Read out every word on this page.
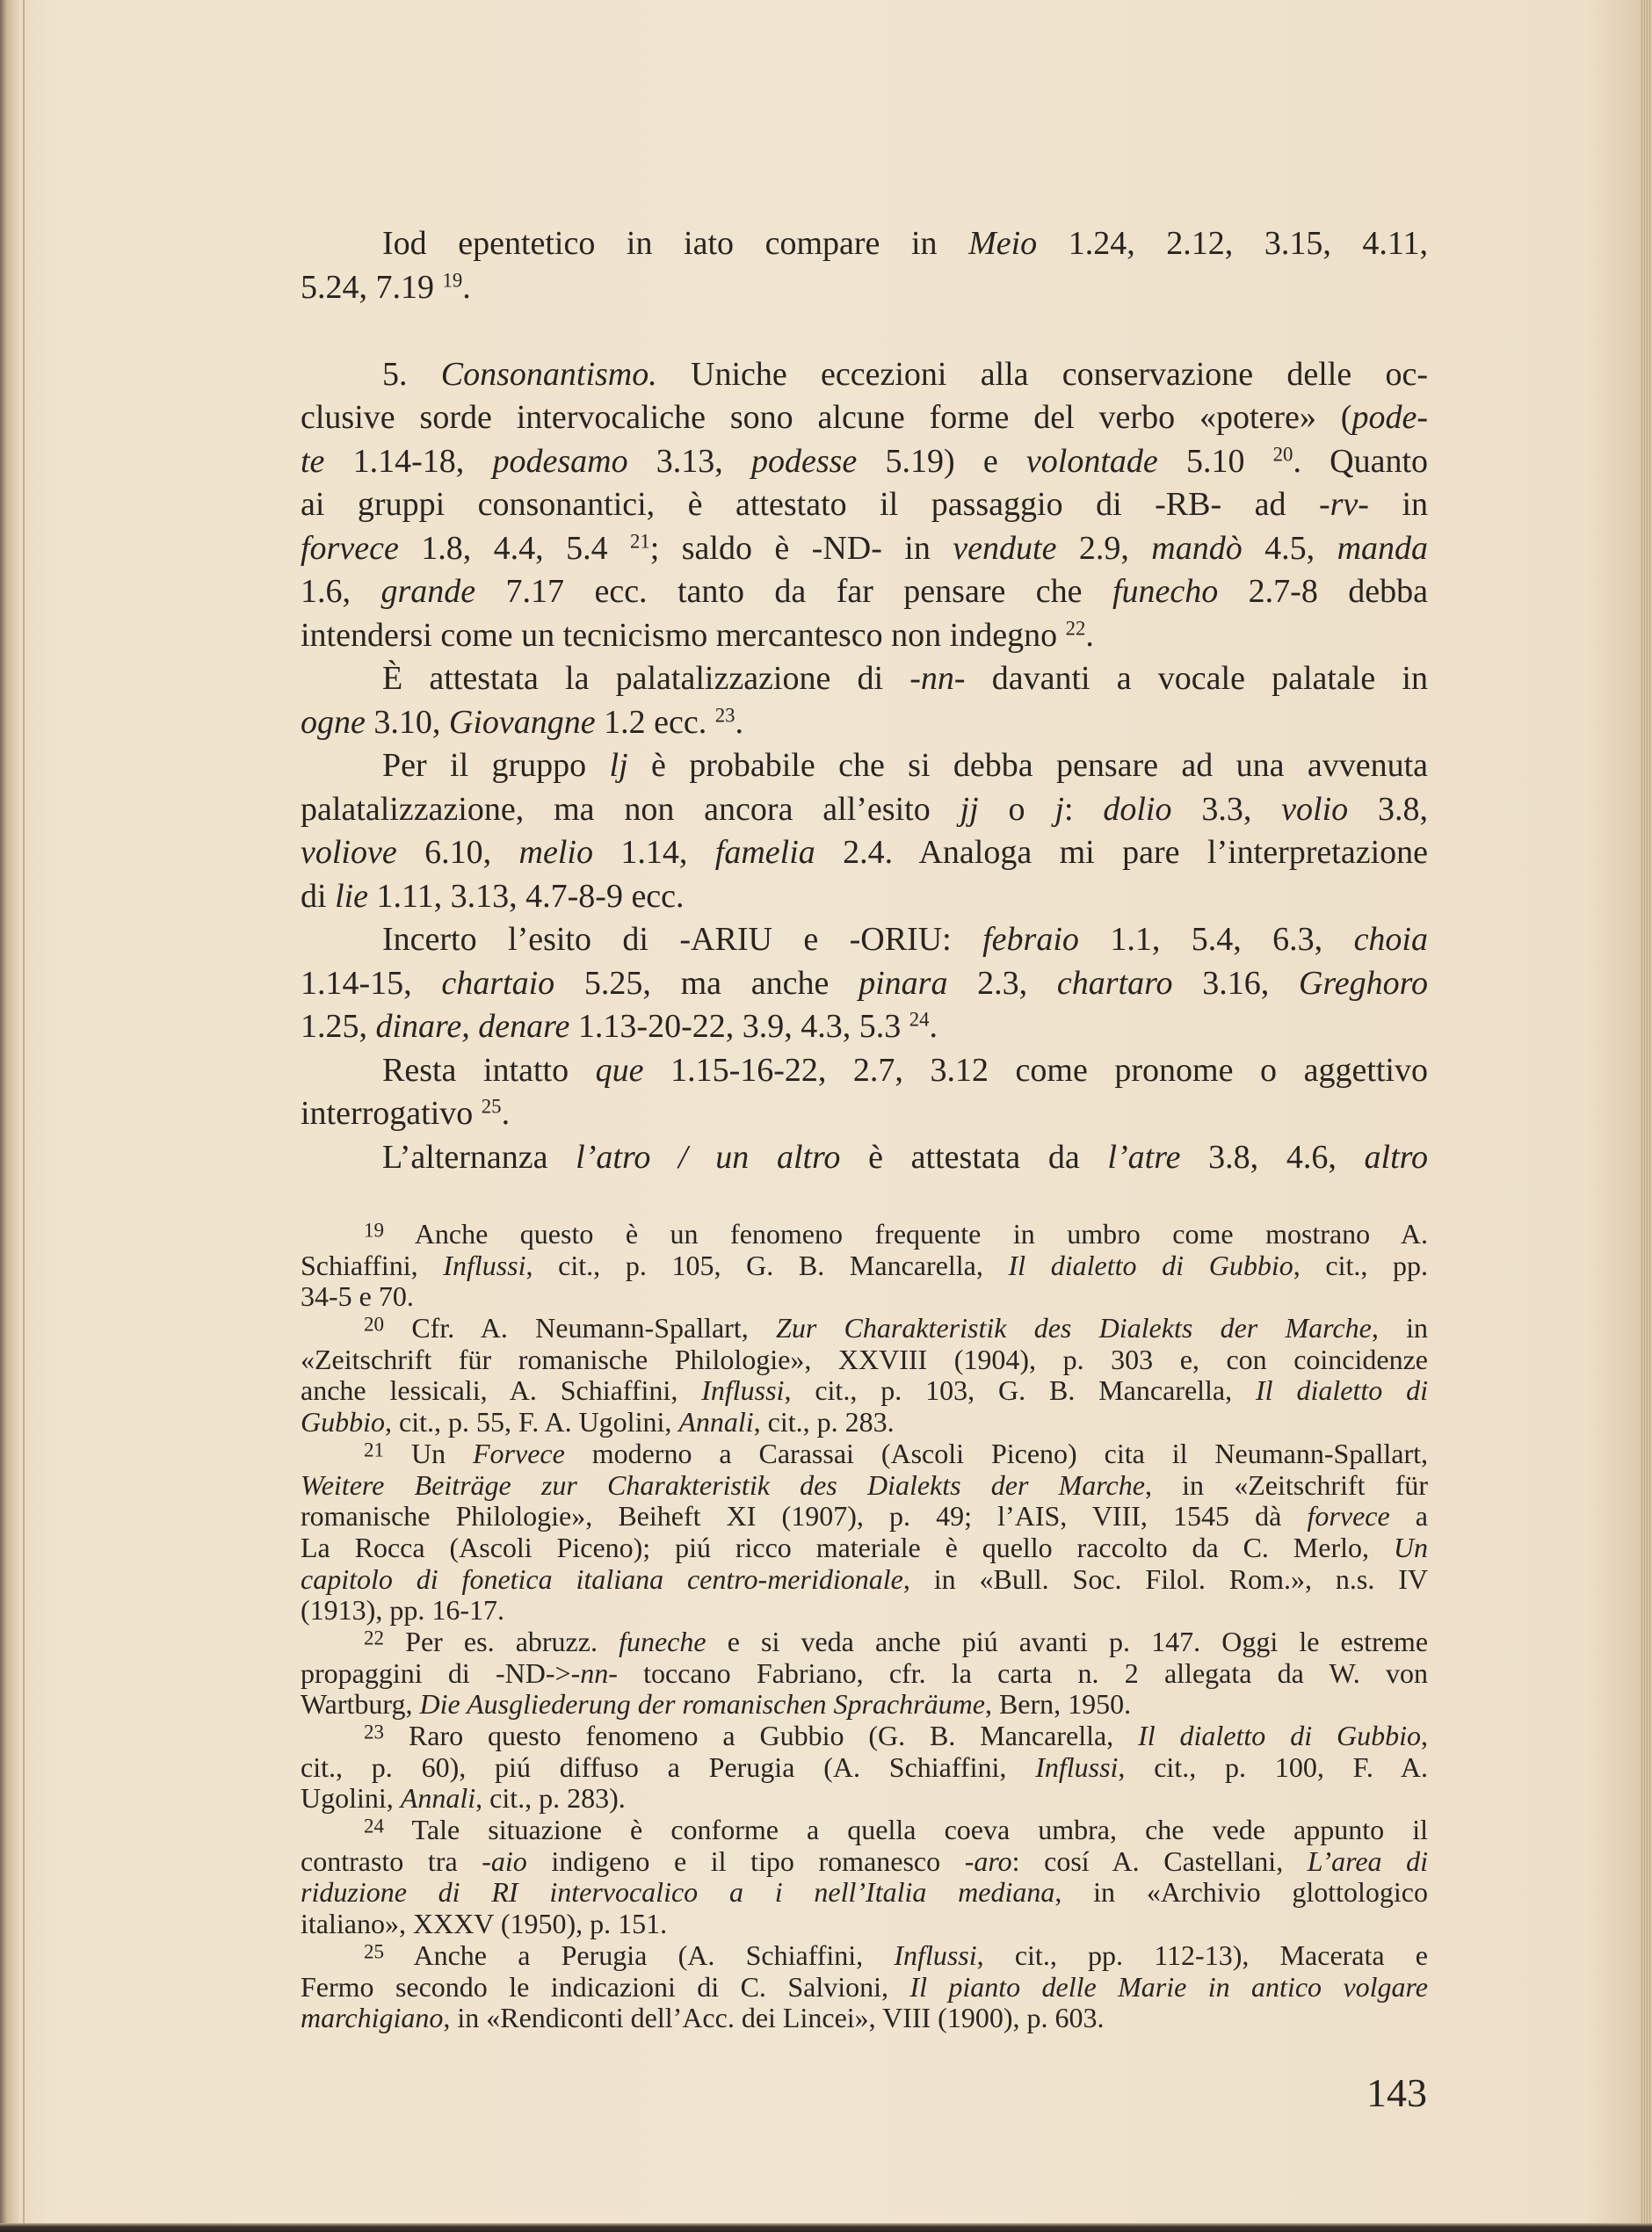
Iod epentetico in iato compare in Meio 1.24, 2.12, 3.15, 4.11,
5.24, 7.19 $^{19}$.
5. Consonantismo. Uniche eccezioni alla conservazione delle oc-
clusive sorde intervocaliche sono alcune forme del verbo «potere» (pode-
te 1.14-18, podesamo 3.13, podesse 5.19) e volontade 5.10 $^{20}$. Quanto
ai gruppi consonantici, è attestato il passaggio di -RB- ad -rv- in
forvece 1.8, 4.4, 5.4 $^{21}$; saldo è -ND- in vendute 2.9, mandò 4.5, manda
1.6, grande 7.17 ecc. tanto da far pensare che funecho 2.7-8 debba
intendersi come un tecnicismo mercantesco non indegno $^{22}$.
È attestata la palatalizzazione di -nn- davanti a vocale palatale in
ogne 3.10, Giovangne 1.2 ecc. $^{23}$.
Per il gruppo lj è probabile che si debba pensare ad una avvenuta
palatalizzazione, ma non ancora all’esito jj o j: dolio 3.3, volio 3.8,
voliove 6.10, melio 1.14, famelia 2.4. Analoga mi pare l’interpretazione
di lie 1.11, 3.13, 4.7-8-9 ecc.
Incerto l’esito di -ARIU e -ORIU: febraio 1.1, 5.4, 6.3, choia
1.14-15, chartaio 5.25, ma anche pinara 2.3, chartaro 3.16, Greghoro
1.25, dinare, denare 1.13-20-22, 3.9, 4.3, 5.3 $^{24}$.
Resta intatto que 1.15-16-22, 2.7, 3.12 come pronome o aggettivo
interrogativo $^{25}$.
L’alternanza l’atro / un altro è attestata da l’atre 3.8, 4.6, altro
$^{19}$ Anche questo è un fenomeno frequente in umbro come mostrano A.
Schiaffini, Influssi, cit., p. 105, G. B. Mancarella, Il dialetto di Gubbio, cit., pp.
34-5 e 70.
$^{20}$ Cfr. A. Neumann-Spallart, Zur Charakteristik des Dialekts der Marche, in
«Zeitschrift für romanische Philologie», XXVIII (1904), p. 303 e, con coincidenze
anche lessicali, A. Schiaffini, Influssi, cit., p. 103, G. B. Mancarella, Il dialetto di
Gubbio, cit., p. 55, F. A. Ugolini, Annali, cit., p. 283.
$^{21}$ Un Forvece moderno a Carassai (Ascoli Piceno) cita il Neumann-Spallart,
Weitere Beiträge zur Charakteristik des Dialekts der Marche, in «Zeitschrift für
romanische Philologie», Beiheft XI (1907), p. 49; l’AIS, VIII, 1545 dà forvece a
La Rocca (Ascoli Piceno); piú ricco materiale è quello raccolto da C. Merlo, Un
capitolo di fonetica italiana centro-meridionale, in «Bull. Soc. Filol. Rom.», n.s. IV
(1913), pp. 16-17.
$^{22}$ Per es. abruzz. funeche e si veda anche piú avanti p. 147. Oggi le estreme
propaggini di -ND->-nn- toccano Fabriano, cfr. la carta n. 2 allegata da W. von
Wartburg, Die Ausgliederung der romanischen Sprachräume, Bern, 1950.
$^{23}$ Raro questo fenomeno a Gubbio (G. B. Mancarella, Il dialetto di Gubbio,
cit., p. 60), piú diffuso a Perugia (A. Schiaffini, Influssi, cit., p. 100, F. A.
Ugolini, Annali, cit., p. 283).
$^{24}$ Tale situazione è conforme a quella coeva umbra, che vede appunto il
contrasto tra -aio indigeno e il tipo romanesco -aro: cosí A. Castellani, L’area di
riduzione di RI intervocalico a i nell’Italia mediana, in «Archivio glottologico
italiano», XXXV (1950), p. 151.
$^{25}$ Anche a Perugia (A. Schiaffini, Influssi, cit., pp. 112-13), Macerata e
Fermo secondo le indicazioni di C. Salvioni, Il pianto delle Marie in antico volgare
marchigiano, in «Rendiconti dell’Acc. dei Lincei», VIII (1900), p. 603.
143
